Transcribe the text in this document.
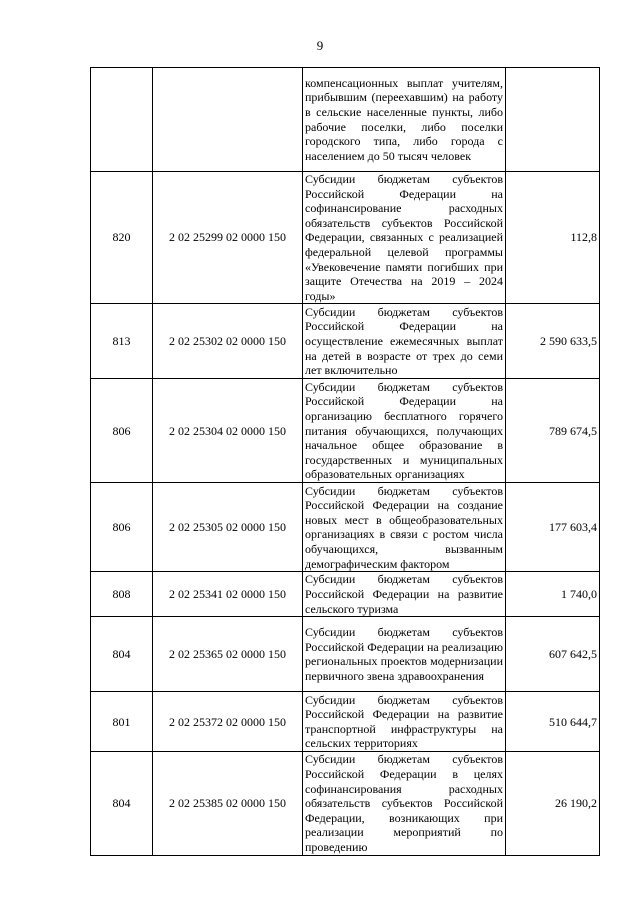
9
		компенсационных выплат учителям, прибывшим (переехавшим) на работу в сельские населенные пункты, либо рабочие поселки, либо поселки городского типа, либо города с населением до 50 тысяч человек	
820	2 02 25299 02 0000 150	Субсидии бюджетам субъектов Российской Федерации на софинансирование расходных обязательств субъектов Российской Федерации, связанных с реализацией федеральной целевой программы «Увековечение памяти погибших при защите Отечества на 2019 – 2024 годы»	112,8
813	2 02 25302 02 0000 150	Субсидии бюджетам субъектов Российской Федерации на осуществление ежемесячных выплат на детей в возрасте от трех до семи лет включительно	2 590 633,5
806	2 02 25304 02 0000 150	Субсидии бюджетам субъектов Российской Федерации на организацию бесплатного горячего питания обучающихся, получающих начальное общее образование в государственных и муниципальных образовательных организациях	789 674,5
806	2 02 25305 02 0000 150	Субсидии бюджетам субъектов Российской Федерации на создание новых мест в общеобразовательных организациях в связи с ростом числа обучающихся, вызванным демографическим фактором	177 603,4
808	2 02 25341 02 0000 150	Субсидии бюджетам субъектов Российской Федерации на развитие сельского туризма	1 740,0
804	2 02 25365 02 0000 150	Субсидии бюджетам субъектов Российской Федерации на реализацию региональных проектов модернизации первичного звена здравоохранения	607 642,5
801	2 02 25372 02 0000 150	Субсидии бюджетам субъектов Российской Федерации на развитие транспортной инфраструктуры на сельских территориях	510 644,7
804	2 02 25385 02 0000 150	Субсидии бюджетам субъектов Российской Федерации в целях софинансирования расходных обязательств субъектов Российской Федерации, возникающих при реализации мероприятий по проведению	26 190,2
